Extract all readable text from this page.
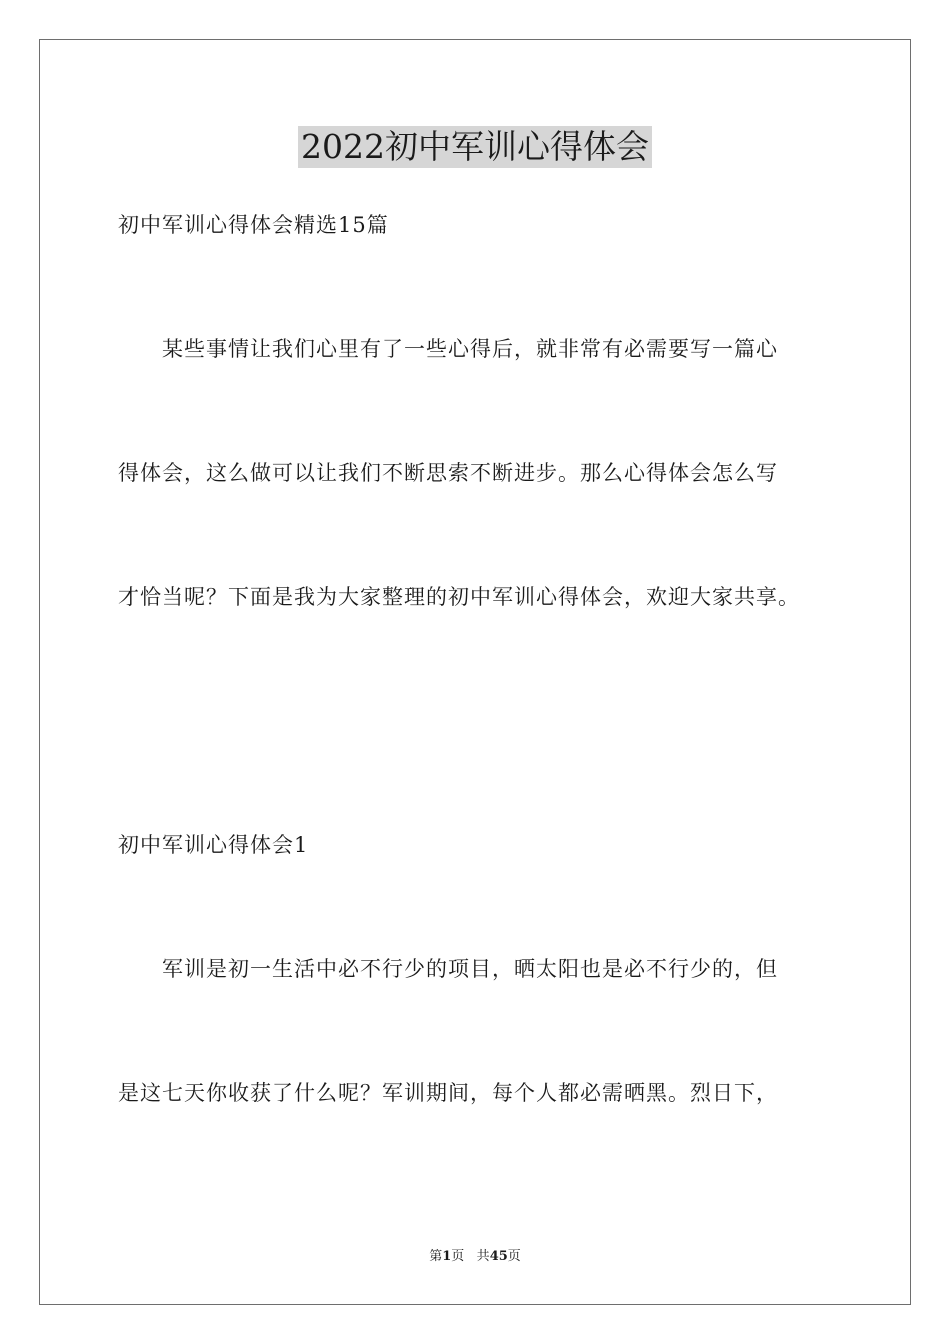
2022初中军训心得体会
初中军训心得体会精选15篇
　　某些事情让我们心里有了一些心得后，就非常有必需要写一篇心
得体会，这么做可以让我们不断思索不断进步。那么心得体会怎么写
才恰当呢？下面是我为大家整理的初中军训心得体会，欢迎大家共享。
初中军训心得体会1
　　军训是初一生活中必不行少的项目，晒太阳也是必不行少的，但
是这七天你收获了什么呢？军训期间，每个人都必需晒黑。烈日下，
第1页 共45页
